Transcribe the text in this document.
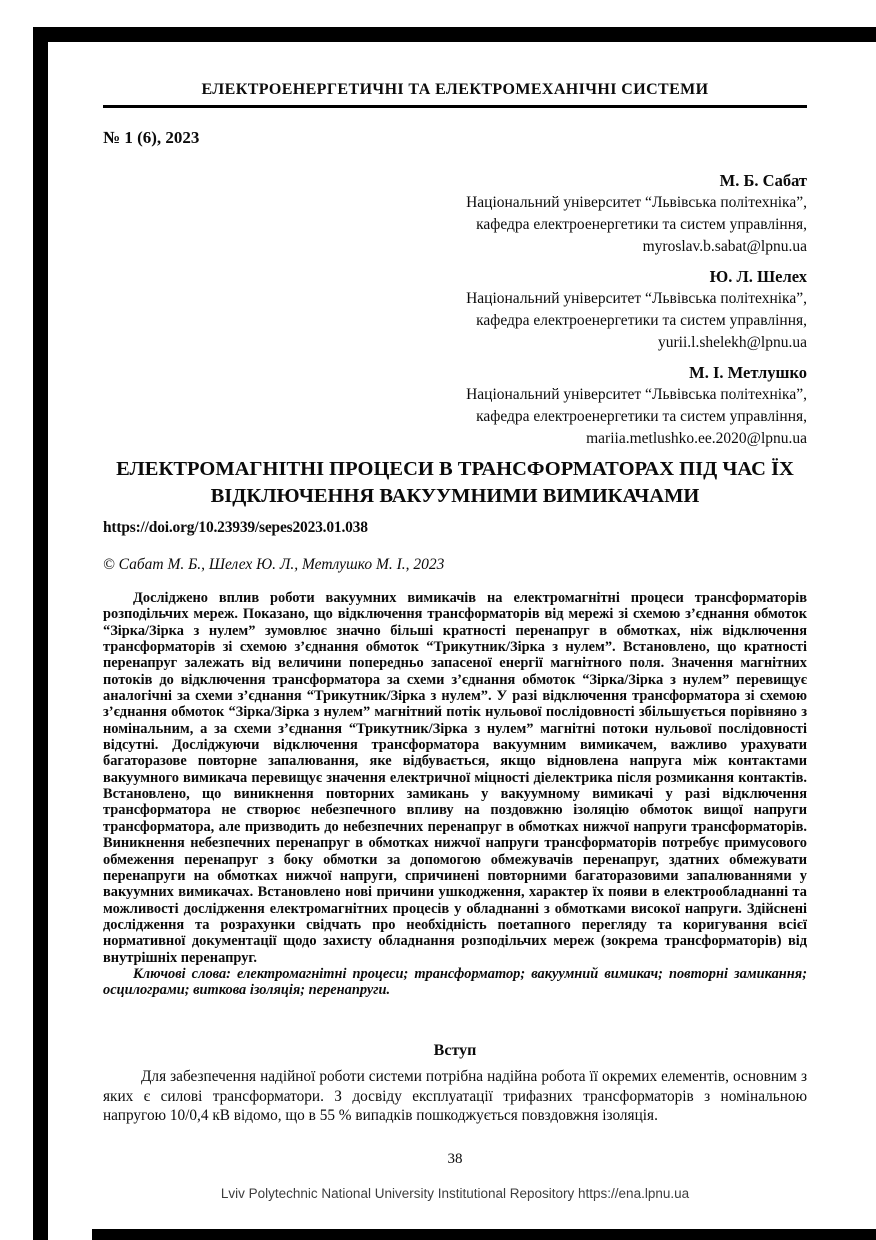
ЕЛЕКТРОЕНЕРГЕТИЧНІ ТА ЕЛЕКТРОМЕХАНІЧНІ СИСТЕМИ
№ 1 (6), 2023
М. Б. Сабат
Національний університет “Львівська політехніка”,
кафедра електроенергетики та систем управління,
myroslav.b.sabat@lpnu.ua
Ю. Л. Шелех
Національний університет “Львівська політехніка”,
кафедра електроенергетики та систем управління,
yurii.l.shelekh@lpnu.ua
М. І. Метлушко
Національний університет “Львівська політехніка”,
кафедра електроенергетики та систем управління,
mariia.metlushko.ee.2020@lpnu.ua
ЕЛЕКТРОМАГНІТНІ ПРОЦЕСИ В ТРАНСФОРМАТОРАХ ПІД ЧАС ЇХ
ВІДКЛЮЧЕННЯ ВАКУУМНИМИ ВИМИКАЧАМИ
https://doi.org/10.23939/sepes2023.01.038
© Сабат М. Б., Шелех Ю. Л., Метлушко М. І., 2023

Досліджено вплив роботи вакуумних вимикачів на електромагнітні процеси трансформаторів розподільчих мереж. Показано, що відключення трансформаторів від мережі зі схемою з’єднання обмоток “Зірка/Зірка з нулем” зумовлює значно більші кратності перенапруг в обмотках, ніж відключення трансформаторів зі схемою з’єднання обмоток “Трикутник/Зірка з нулем”. Встановлено, що кратності перенапруг залежать від величини попередньо запасеної енергії магнітного поля. Значення магнітних потоків до відключення трансформатора за схеми з’єднання обмоток “Зірка/Зірка з нулем” перевищує аналогічні за схеми з’єднання “Трикутник/Зірка з нулем”. У разі відключення трансформатора зі схемою з’єднання обмоток “Зірка/Зірка з нулем” магнітний потік нульової послідовності збільшується порівняно з номінальним, а за схеми з’єднання “Трикутник/Зірка з нулем” магнітні потоки нульової послідовності відсутні. Досліджуючи відключення трансформатора вакуумним вимикачем, важливо урахувати багаторазове повторне запалювання, яке відбувається, якщо відновлена напруга між контактами вакуумного вимикача перевищує значення електричної міцності діелектрика після розмикання контактів. Встановлено, що виникнення повторних замикань у вакуумному вимикачі у разі відключення трансформатора не створює небезпечного впливу на поздовжню ізоляцію обмоток вищої напруги трансформатора, але призводить до небезпечних перенапруг в обмотках нижчої напруги трансформаторів. Виникнення небезпечних перенапруг в обмотках нижчої напруги трансформаторів потребує примусового обмеження перенапруг з боку обмотки за допомогою обмежувачів перенапруг, здатних обмежувати перенапруги на обмотках нижчої напруги, спричинені повторними багаторазовими запалюваннями у вакуумних вимикачах. Встановлено нові причини ушкодження, характер їх появи в електрообладнанні та можливості дослідження електромагнітних процесів у обладнанні з обмотками високої напруги. Здійснені дослідження та розрахунки свідчать про необхідність поетапного перегляду та коригування всієї нормативної документації щодо захисту обладнання розподільчих мереж (зокрема трансформаторів) від внутрішніх перенапруг.

Ключові слова: електромагнітні процеси; трансформатор; вакуумний вимикач; повторні замикання; осцилограми; виткова ізоляція; перенапруги.

Вступ

Для забезпечення надійної роботи системи потрібна надійна робота її окремих елементів, основним з яких є силові трансформатори. З досвіду експлуатації трифазних трансформаторів з номінальною напругою 10/0,4 кВ відомо, що в 55 % випадків пошкоджується повздовжня ізоляція.

38
Lviv Polytechnic National University Institutional Repository https://ena.lpnu.ua
